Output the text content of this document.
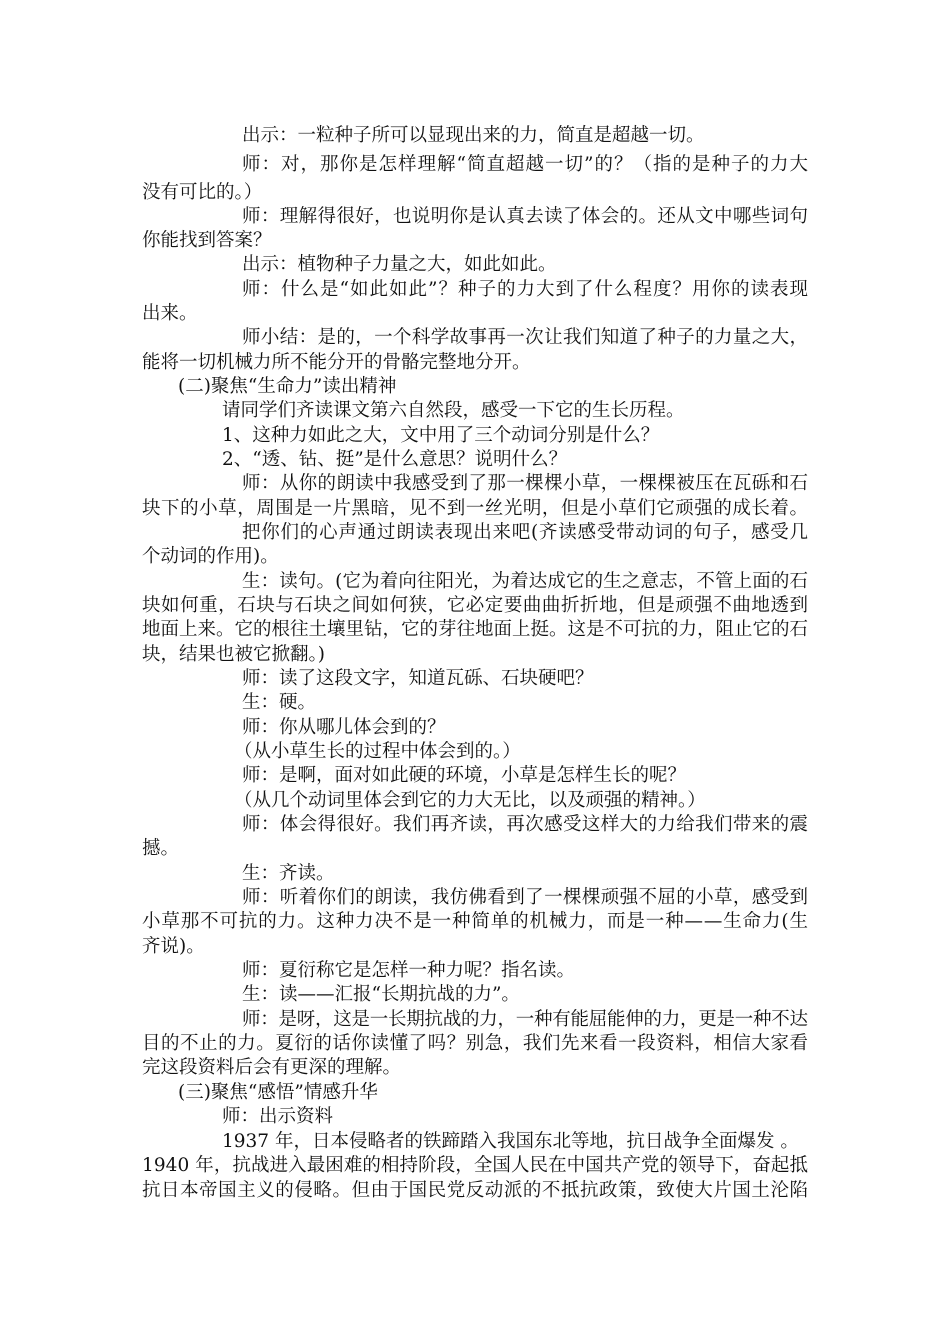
出示：一粒种子所可以显现出来的力，简直是超越一切。

师：对，那你是怎样理解“简直超越一切”的？（指的是种子的力大

没有可比的。）

师：理解得很好，也说明你是认真去读了体会的。还从文中哪些词句

你能找到答案？

出示：植物种子力量之大，如此如此。

师：什么是“如此如此”？种子的力大到了什么程度？用你的读表现

出来。

师小结：是的，一个科学故事再一次让我们知道了种子的力量之大，

能将一切机械力所不能分开的骨骼完整地分开。

(二)聚焦“生命力”读出精神

请同学们齐读课文第六自然段，感受一下它的生长历程。

1、这种力如此之大，文中用了三个动词分别是什么？

2、“透、钻、挺”是什么意思？说明什么？

师：从你的朗读中我感受到了那一棵棵小草，一棵棵被压在瓦砾和石

块下的小草，周围是一片黑暗，见不到一丝光明，但是小草们它顽强的成长着。

把你们的心声通过朗读表现出来吧(齐读感受带动词的句子，感受几

个动词的作用)。

生：读句。(它为着向往阳光，为着达成它的生之意志，不管上面的石

块如何重，石块与石块之间如何狭，它必定要曲曲折折地，但是顽强不曲地透到

地面上来。它的根往土壤里钻，它的芽往地面上挺。这是不可抗的力，阻止它的石

块，结果也被它掀翻。)

师：读了这段文字，知道瓦砾、石块硬吧？

生：硬。

师：你从哪儿体会到的？

（从小草生长的过程中体会到的。）

师：是啊，面对如此硬的环境，小草是怎样生长的呢？

（从几个动词里体会到它的力大无比，以及顽强的精神。）

师：体会得很好。我们再齐读，再次感受这样大的力给我们带来的震

撼。

生：齐读。

师：听着你们的朗读，我仿佛看到了一棵棵顽强不屈的小草，感受到

小草那不可抗的力。这种力决不是一种简单的机械力，而是一种——生命力(生

齐说)。

师：夏衍称它是怎样一种力呢？指名读。

生：读——汇报“长期抗战的力”。

师：是呀，这是一长期抗战的力，一种有能屈能伸的力，更是一种不达

目的不止的力。夏衍的话你读懂了吗？别急，我们先来看一段资料，相信大家看

完这段资料后会有更深的理解。

(三)聚焦“感悟”情感升华

师：出示资料

1937 年，日本侵略者的铁蹄踏入我国东北等地，抗日战争全面爆发 。

1940 年，抗战进入最困难的相持阶段，全国人民在中国共产党的领导下，奋起抵

抗日本帝国主义的侵略。但由于国民党反动派的不抵抗政策，致使大片国土沦陷
